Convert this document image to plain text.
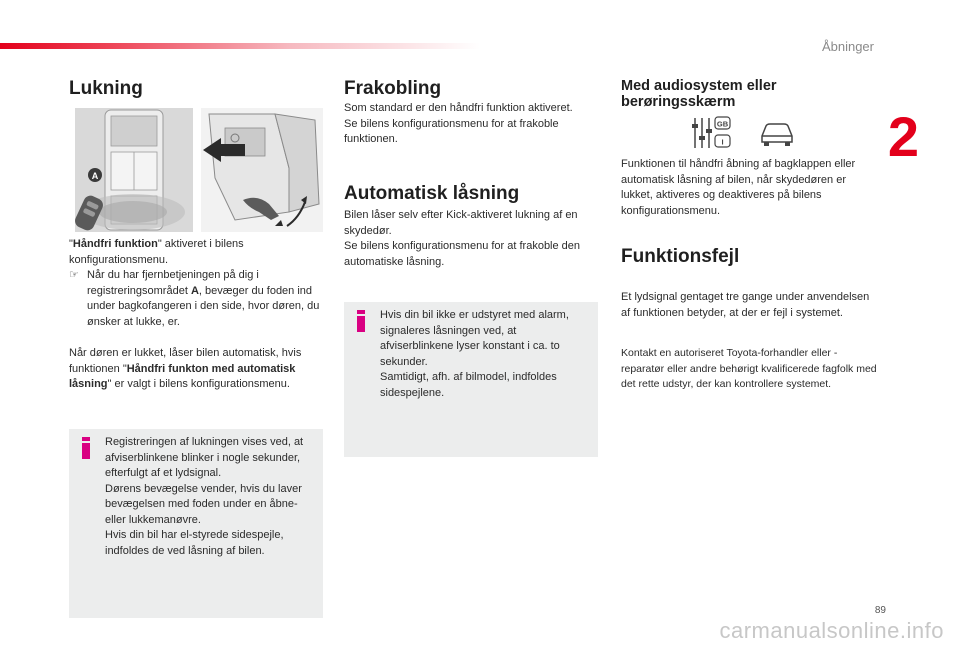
Åbninger
2
Lukning
A

"Håndfri funktion" aktiveret i bilens konfigurationsmenu.

☞ Når du har fjernbetjeningen på dig i registreringsområdet A, bevæger du foden ind under bagkofangeren i den side, hvor døren, du ønsker at lukke, er.

Når døren er lukket, låser bilen automatisk, hvis funktionen "Håndfri funkton med automatisk låsning" er valgt i bilens konfigurationsmenu.

Registreringen af lukningen vises ved, at afviserblinkene blinker i nogle sekunder, efterfulgt af et lydsignal.
Dørens bevægelse vender, hvis du laver bevægelsen med foden under en åbne- eller lukkemanøvre.
Hvis din bil har el-styrede sidespejle, indfoldes de ved låsning af bilen.
Frakobling
Som standard er den håndfri funktion aktiveret.
Se bilens konfigurationsmenu for at frakoble funktionen.
Automatisk låsning
Bilen låser selv efter Kick-aktiveret lukning af en skydedør.
Se bilens konfigurationsmenu for at frakoble den automatiske låsning.
Hvis din bil ikke er udstyret med alarm, signaleres låsningen ved, at afviserblinkene lyser konstant i ca. to sekunder.
Samtidigt, afh. af bilmodel, indfoldes sidespejlene.
Med audiosystem eller berøringsskærm
GB
I
Funktionen til håndfri åbning af bagklappen eller automatisk låsning af bilen, når skydedøren er lukket, aktiveres og deaktiveres på bilens konfigurationsmenu.
Funktionsfejl
Et lydsignal gentaget tre gange under anvendelsen af funktionen betyder, at der er fejl i systemet.
Kontakt en autoriseret Toyota-forhandler eller -reparatør eller andre behørigt kvalificerede fagfolk med det rette udstyr, der kan kontrollere systemet.
89
carmanualsonline.info
